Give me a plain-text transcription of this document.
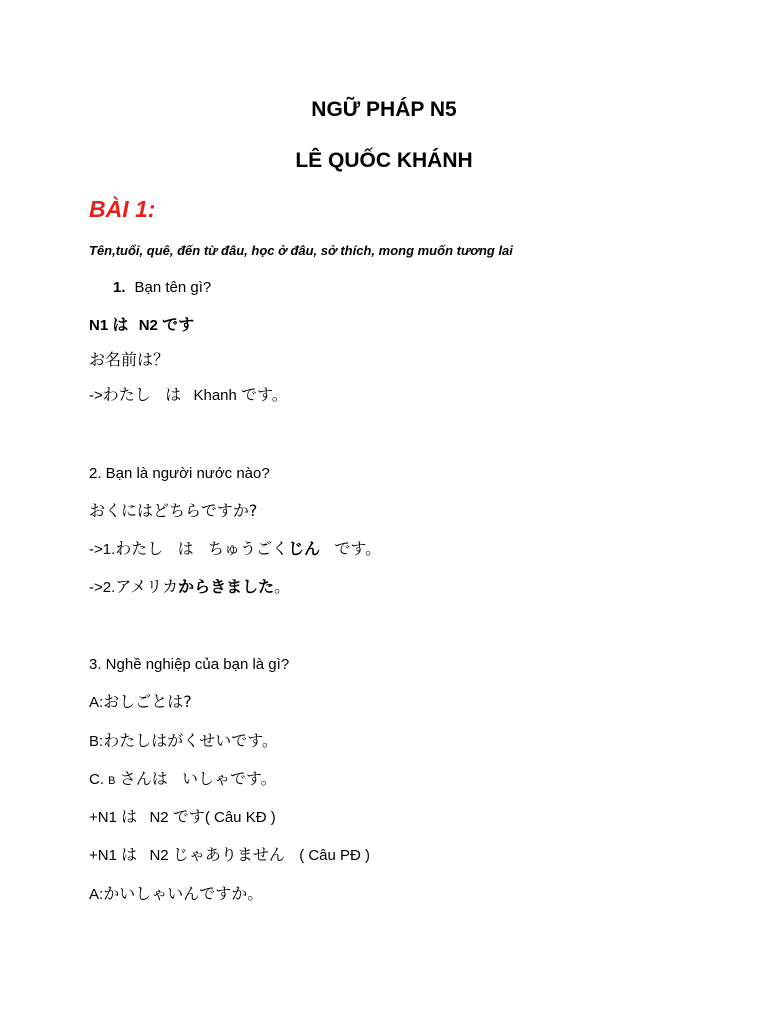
NGỮ PHÁP N5
LÊ QUỐC KHÁNH
BÀI 1:
Tên,tuổi, quê, đến từ đâu, học ở đâu, sở thích, mong muốn tương lai
1. Bạn tên gì?
N1 は N2 です
お名前は？
->わたし は Khanh です。
2. Bạn là người nước nào?
おくにはどちらですか?
->1.わたし は ちゅうごくじん です。
->2.アメリカからきました。
3. Nghề nghiệp của bạn là gì?
A:おしごとは?
B:わたしはがくせいです。
C. B さんは いしゃです。
+N1 は N2 です( Câu KĐ )
+N1 は N2 じゃありません ( Câu PĐ )
A:かいしゃいんですか。
